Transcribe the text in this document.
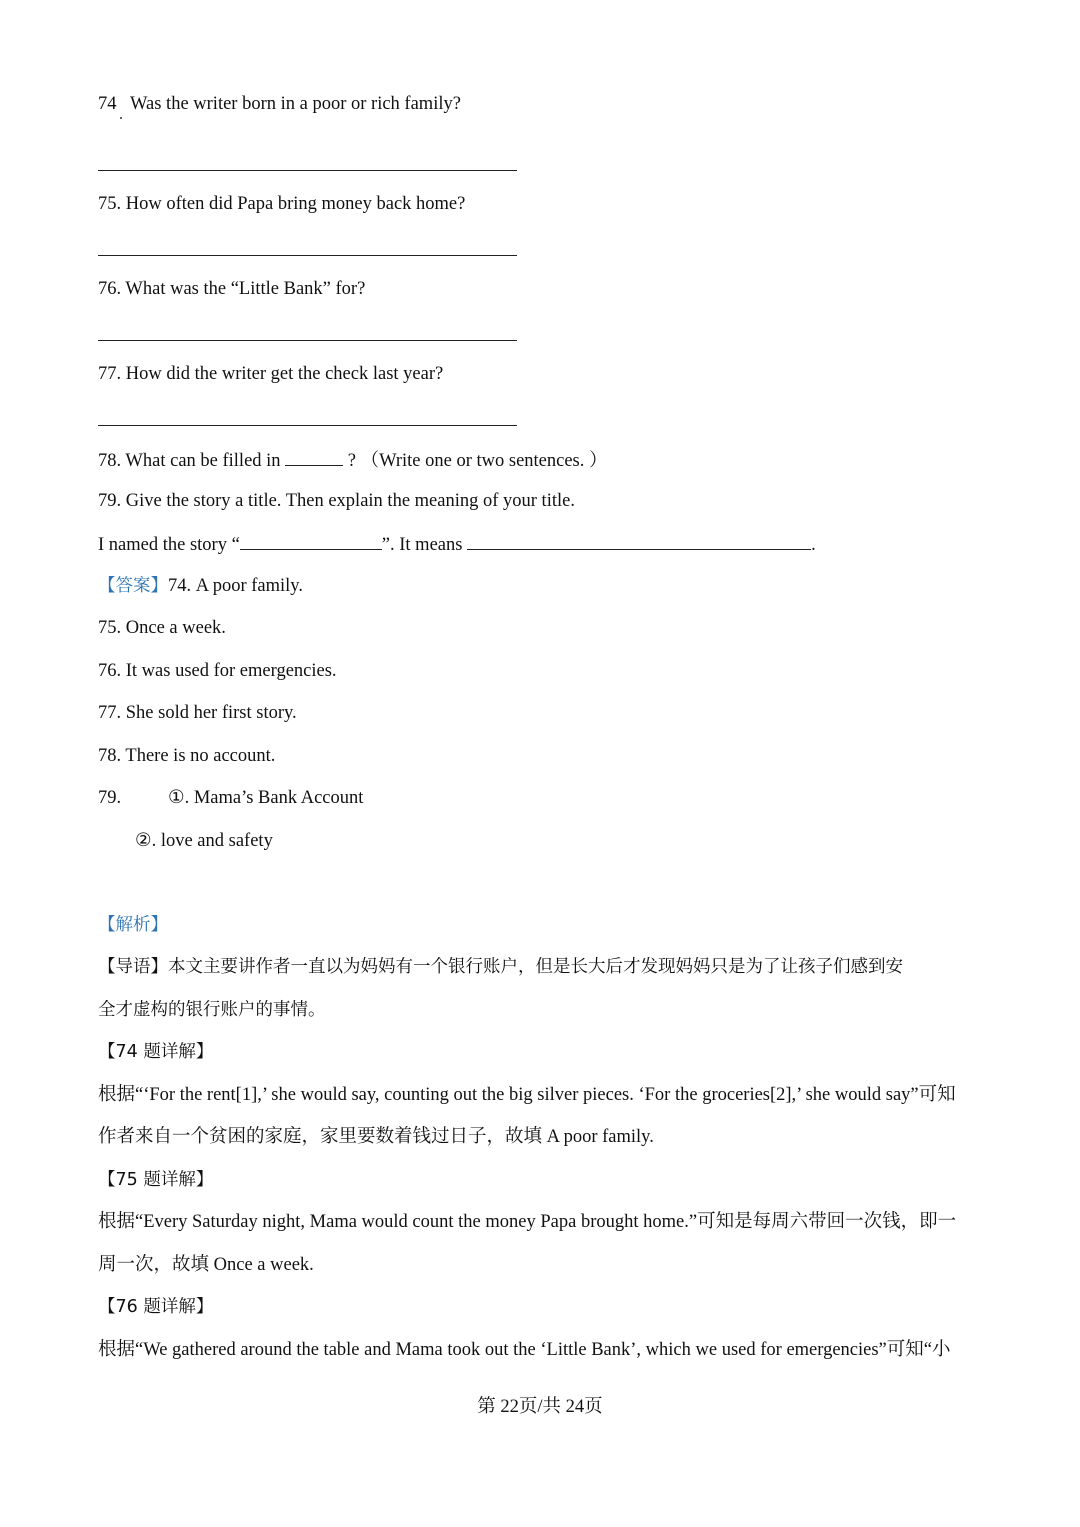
74 Was the writer born in a poor or rich family?
75. How often did Papa bring money back home?
76. What was the “Little Bank” for?
77. How did the writer get the check last year?
78. What can be filled in	? （Write one or two sentences. ）
79. Give the story a title. Then explain the meaning of your title.
I named the story “	”. It means	.
【答案】74. A poor family.
75. Once a week.
76. It was used for emergencies.
77. She sold her first story.
78. There is no account.
79.	①. Mama’s Bank Account
②. love and safety
【解析】
【导语】本文主要讲作者一直以为妈妈有一个银行账户，但是长大后才发现妈妈只是为了让孩子们感到安
全才虚构的银行账户的事情。
【74 题详解】
根据“‘For the rent[1],’ she would say, counting out the big silver pieces. ‘For the groceries[2],’ she would say”可知
作者来自一个贫困的家庭，家里要数着钱过日子，故填 A poor family.
【75 题详解】
根据“Every Saturday night, Mama would count the money Papa brought home.”可知是每周六带回一次钱，即一
周一次，故填 Once a week.
【76 题详解】
根据“We gathered around the table and Mama took out the ‘Little Bank’, which we used for emergencies”可知“小
第 22页/共 24页
